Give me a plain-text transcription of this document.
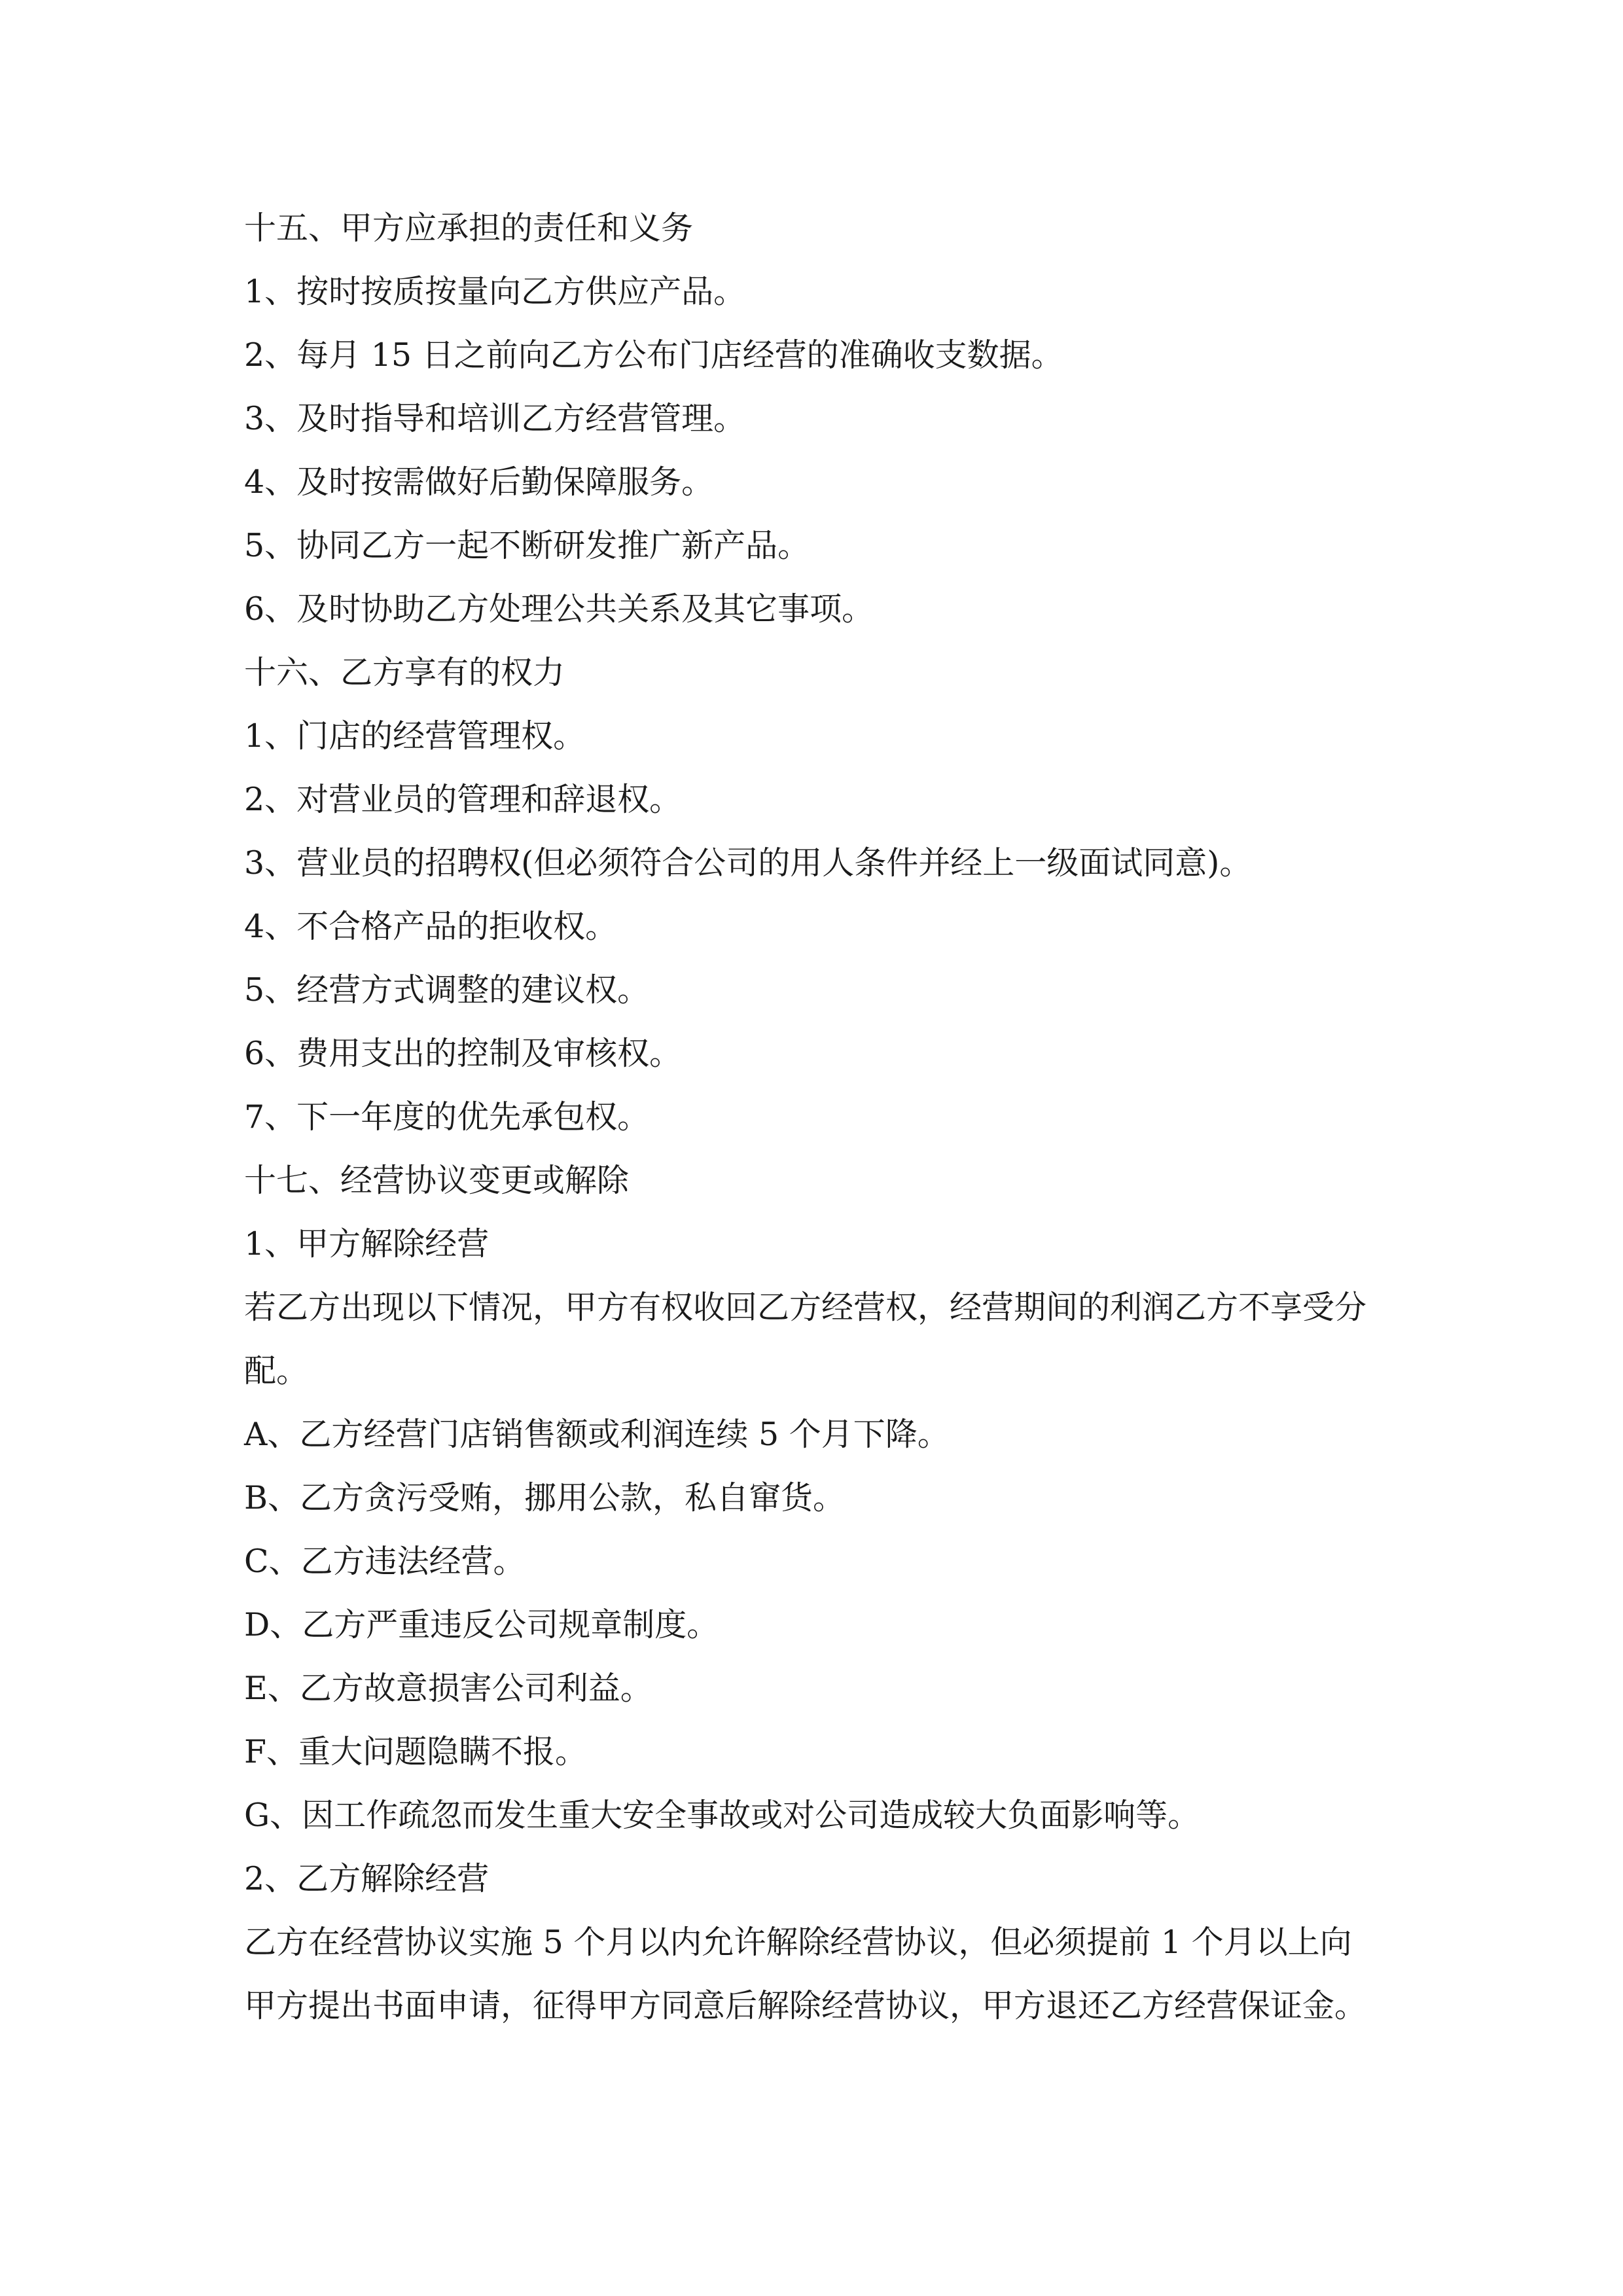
十五、甲方应承担的责任和义务
1、按时按质按量向乙方供应产品。
2、每月 15 日之前向乙方公布门店经营的准确收支数据。
3、及时指导和培训乙方经营管理。
4、及时按需做好后勤保障服务。
5、协同乙方一起不断研发推广新产品。
6、及时协助乙方处理公共关系及其它事项。
十六、乙方享有的权力
1、门店的经营管理权。
2、对营业员的管理和辞退权。
3、营业员的招聘权(但必须符合公司的用人条件并经上一级面试同意)。
4、不合格产品的拒收权。
5、经营方式调整的建议权。
6、费用支出的控制及审核权。
7、下一年度的优先承包权。
十七、经营协议变更或解除
1、甲方解除经营
若乙方出现以下情况，甲方有权收回乙方经营权，经营期间的利润乙方不享受分配。
A、乙方经营门店销售额或利润连续 5 个月下降。
B、乙方贪污受贿，挪用公款，私自窜货。
C、乙方违法经营。
D、乙方严重违反公司规章制度。
E、乙方故意损害公司利益。
F、重大问题隐瞒不报。
G、因工作疏忽而发生重大安全事故或对公司造成较大负面影响等。
2、乙方解除经营
乙方在经营协议实施 5 个月以内允许解除经营协议，但必须提前 1 个月以上向甲方提出书面申请，征得甲方同意后解除经营协议，甲方退还乙方经营保证金。
